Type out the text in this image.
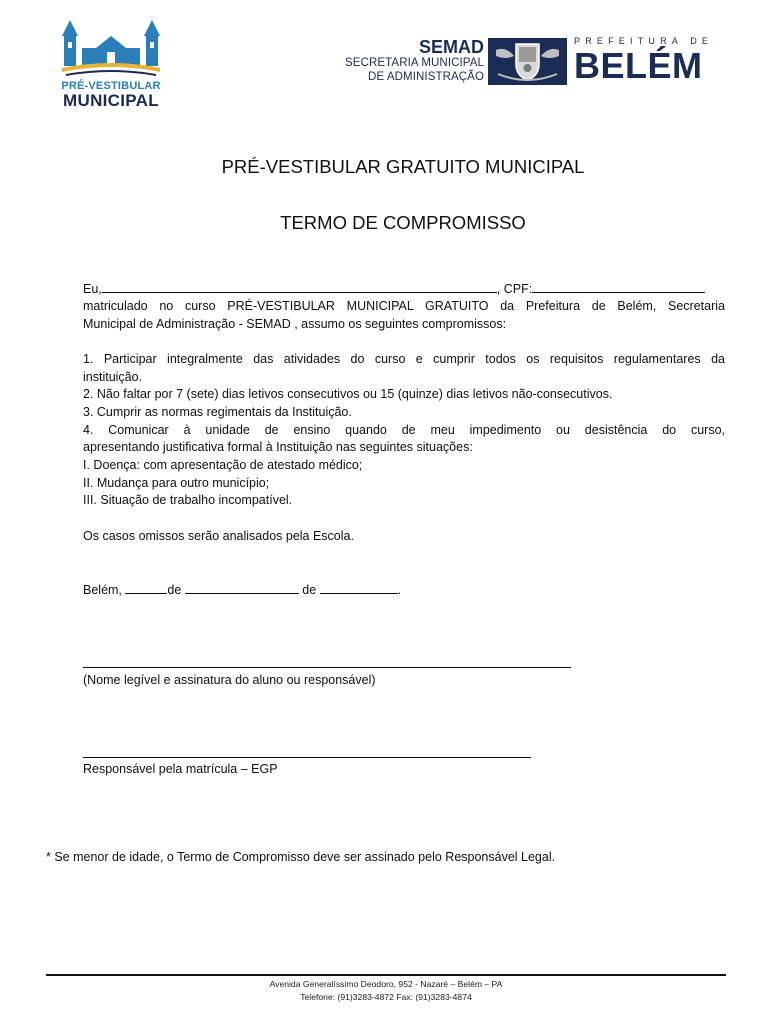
PRÉ-VESTIBULAR
MUNICIPAL
SEMAD
SECRETARIA MUNICIPAL
DE ADMINISTRAÇÃO
PREFEITURA DE
BELÉM
PRÉ-VESTIBULAR GRATUITO MUNICIPAL
TERMO DE COMPROMISSO
Eu,	, CPF:
matriculado no curso PRÉ-VESTIBULAR MUNICIPAL GRATUITO da Prefeitura de Belém, Secretaria
Municipal de Administração - SEMAD , assumo os seguintes compromissos:
1. Participar integralmente das atividades do curso e cumprir todos os requisitos regulamentares da
instituição.
2. Não faltar por 7 (sete) dias letivos consecutivos ou 15 (quinze) dias letivos não-consecutivos.
3. Cumprir as normas regimentais da Instituição.
4. Comunicar à unidade de ensino quando de meu impedimento ou desistência do curso,
apresentando justificativa formal à Instituição nas seguintes situações:
I. Doença: com apresentação de atestado médico;
II. Mudança para outro município;
III. Situação de trabalho incompatível.
Os casos omissos serão analisados pela Escola.
Belém,	de	de	.
(Nome legível e assinatura do aluno ou responsável)
Responsável pela matrícula – EGP
* Se menor de idade, o Termo de Compromisso deve ser assinado pelo Responsável Legal.
Avenida Generalíssimo Deodoro, 952 - Nazaré – Belém – PA
Telefone: (91)3283-4872 Fax: (91)3283-4874
